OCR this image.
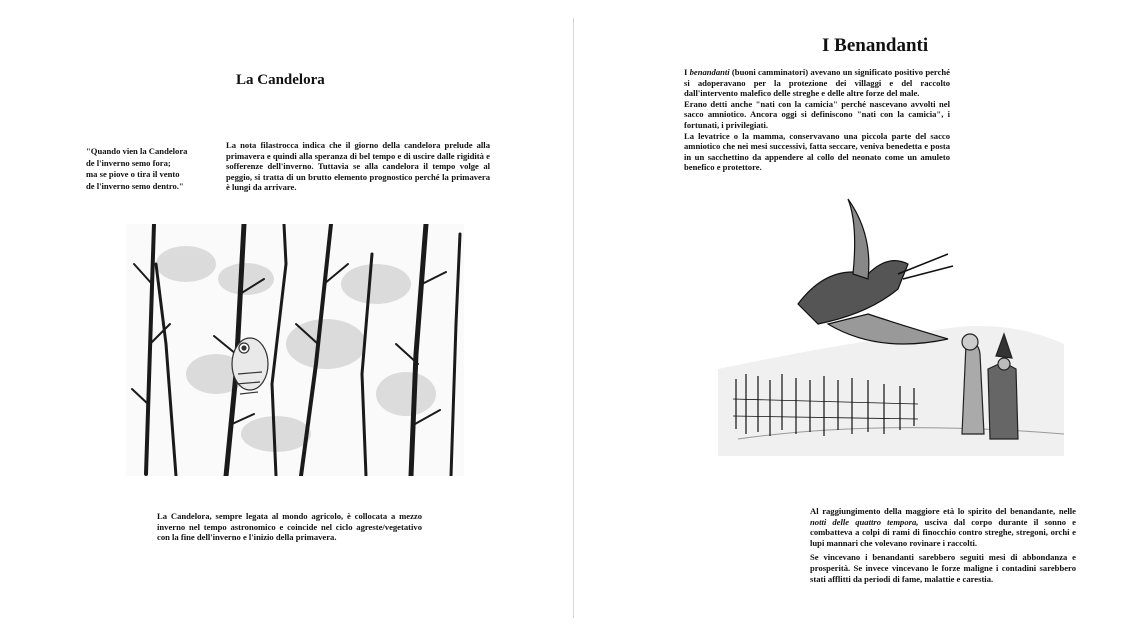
La Candelora
"Quando vien la Candelora
de l'inverno semo fora;
ma se piove o tira il vento
de l'inverno semo dentro."

La nota filastrocca indica che il giorno della candelora prelude alla primavera e quindi alla speranza di bel tempo e di uscire dalle rigidità e sofferenze dell'inverno. Tuttavia se alla candelora il tempo volge al peggio, si tratta di un brutto elemento prognostico perché la primavera è lungi da arrivare.

La Candelora, sempre legata al mondo agricolo, è collocata a mezzo inverno nel tempo astronomico e coincide nel ciclo agreste/vegetativo con la fine dell'inverno e l'inizio della primavera.

I Benandanti

I benandanti (buoni camminatori) avevano un significato positivo perché si adoperavano per la protezione dei villaggi e del raccolto dall'intervento malefico delle streghe e delle altre forze del male.

Erano detti anche "nati con la camicia" perché nascevano avvolti nel sacco amniotico. Ancora oggi si definiscono "nati con la camicia", i fortunati, i privilegiati.

La levatrice o la mamma, conservavano una piccola parte del sacco amniotico che nei mesi successivi, fatta seccare, veniva benedetta e posta in un sacchettino da appendere al collo del neonato come un amuleto benefico e protettore.

Al raggiungimento della maggiore età lo spirito del benandante, nelle notti delle quattro tempora, usciva dal corpo durante il sonno e combatteva a colpi di rami di finocchio contro streghe, stregoni, orchi e lupi mannari che volevano rovinare i raccolti.

Se vincevano i benandanti sarebbero seguiti mesi di abbondanza e prosperità. Se invece vincevano le forze maligne i contadini sarebbero stati afflitti da periodi di fame, malattie e carestia.
